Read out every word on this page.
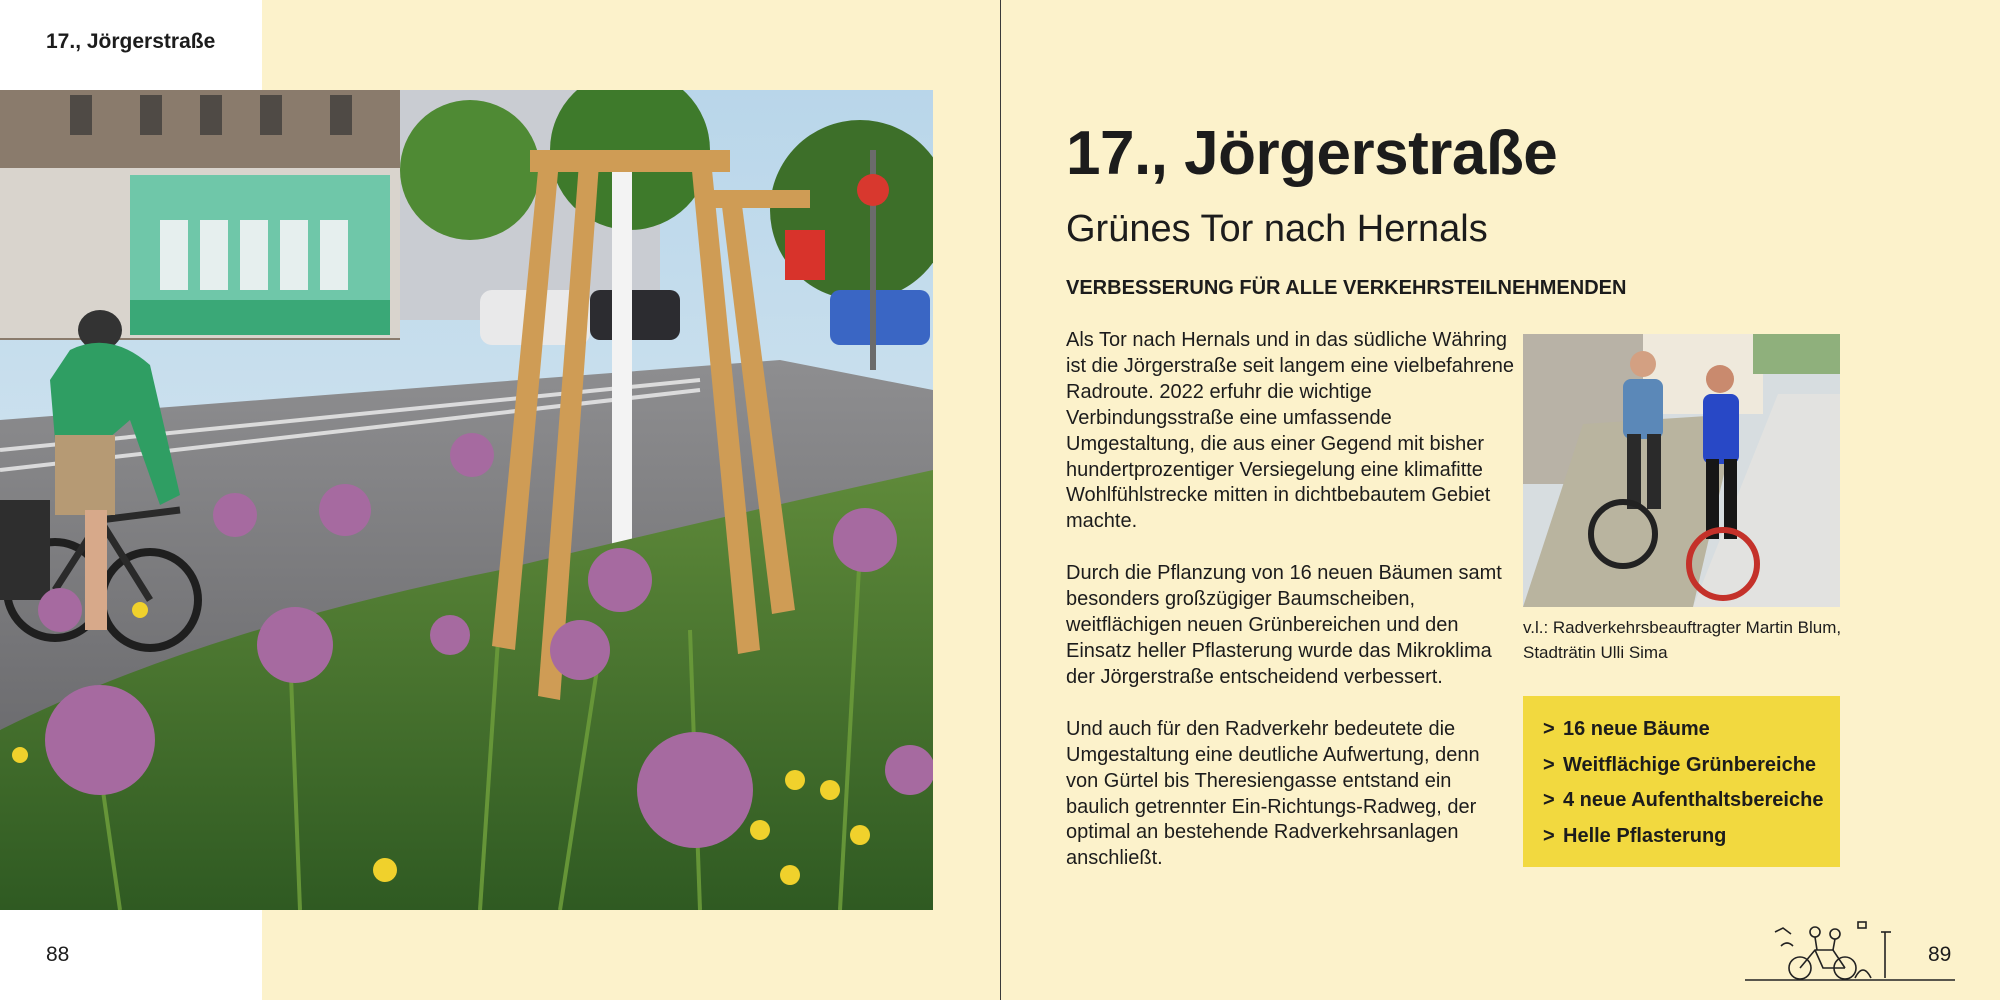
17., Jörgerstraße
88
17., Jörgerstraße
Grünes Tor nach Hernals
VERBESSERUNG FÜR ALLE VERKEHRSTEILNEHMENDEN

Als Tor nach Hernals und in das südliche Währing ist die Jörgerstraße seit langem eine vielbefahrene Radroute. 2022 erfuhr die wichtige Verbindungsstraße eine umfassende Umgestaltung, die aus einer Gegend mit bisher hundertprozentiger Versiegelung eine klimafitte Wohlfühlstrecke mitten in dichtbebautem Gebiet machte.

Durch die Pflanzung von 16 neuen Bäumen samt besonders großzügiger Baumscheiben, weitflächigen neuen Grünbereichen und den Einsatz heller Pflasterung wurde das Mikroklima der Jörgerstraße entscheidend verbessert.

Und auch für den Radverkehr bedeutete die Umgestaltung eine deutliche Aufwertung, denn von Gürtel bis Theresiengasse entstand ein baulich getrennter Ein-Richtungs-Radweg, der optimal an bestehende Radverkehrsanlagen anschließt.

v.l.: Radverkehrsbeauftragter Martin Blum, Stadträtin Ulli Sima
> 16 neue Bäume
> Weitflächige Grünbereiche
> 4 neue Aufenthaltsbereiche
> Helle Pflasterung
89
